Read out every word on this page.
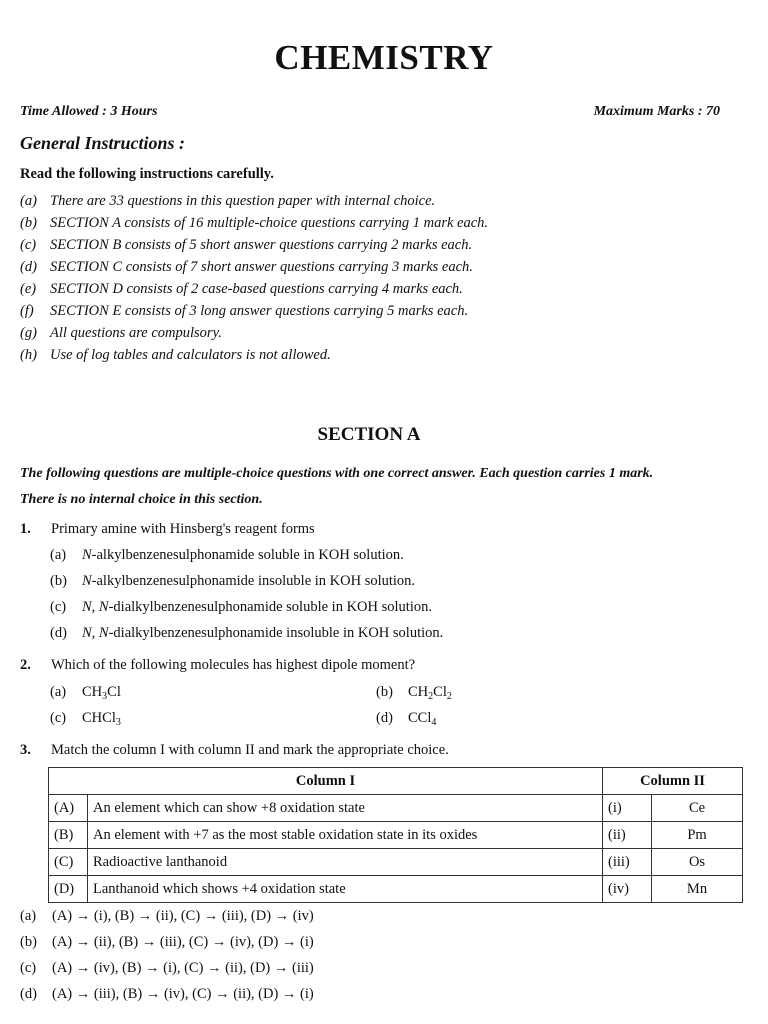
CHEMISTRY
Time Allowed : 3 Hours	Maximum Marks : 70
General Instructions :
Read the following instructions carefully.
(a) There are 33 questions in this question paper with internal choice.
(b) SECTION A consists of 16 multiple-choice questions carrying 1 mark each.
(c) SECTION B consists of 5 short answer questions carrying 2 marks each.
(d) SECTION C consists of 7 short answer questions carrying 3 marks each.
(e) SECTION D consists of 2 case-based questions carrying 4 marks each.
(f)	SECTION E consists of 3 long answer questions carrying 5 marks each.
(g) All questions are compulsory.
(h) Use of log tables and calculators is not allowed.
SECTION A
The following questions are multiple-choice questions with one correct answer. Each question carries 1 mark.
There is no internal choice in this section.
1. Primary amine with Hinsberg's reagent forms
(a) N-alkylbenzenesulphonamide soluble in KOH solution.
(b) N-alkylbenzenesulphonamide insoluble in KOH solution.
(c) N, N-dialkylbenzenesulphonamide soluble in KOH solution.
(d) N, N-dialkylbenzenesulphonamide insoluble in KOH solution.
2. Which of the following molecules has highest dipole moment?
(a) $CH_3Cl$	(b) $CH_2Cl_2$
(c) CHCl$_3$	(d) CCl$_4$
3. Match the column I with column II and mark the appropriate choice.
Column I		Column II	
(A)	An element which can show +8 oxidation state	(i)	Ce
(B)	An element with +7 as the most stable oxidation state in its oxides	(ii)	Pm
(C)	Radioactive lanthanoid	(iii)	Os
(D)	Lanthanoid which shows +4 oxidation state	(iv)	Mn
(a) (A) → (i), (B) → (ii), (C) → (iii), (D) → (iv)
(b) (A) → (ii), (B) → (iii), (C) → (iv), (D) → (i)
(c) (A) → (iv), (B) → (i), (C) → (ii), (D) → (iii)
(d) (A) → (iii), (B) → (iv), (C) → (ii), (D) → (i)
